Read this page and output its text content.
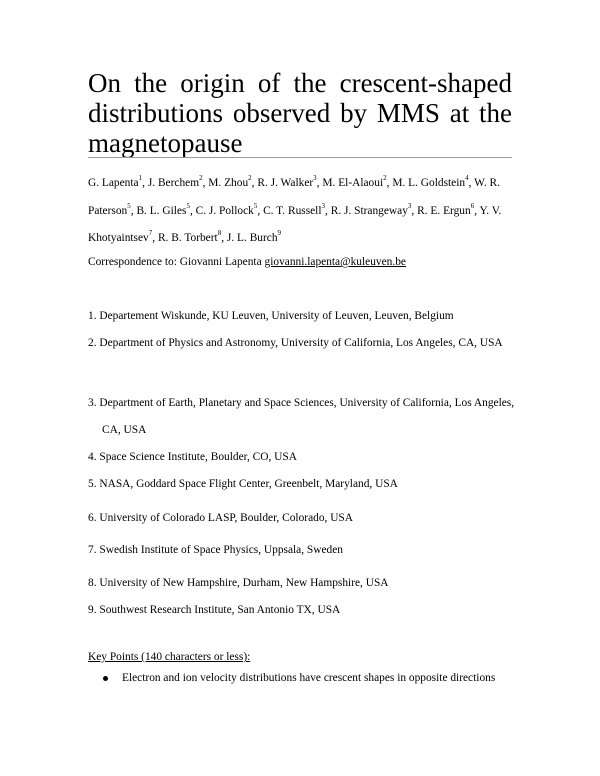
On the origin of the crescent-shaped distributions observed by MMS at the magnetopause

G. Lapenta$^1$, J. Berchem$^2$, M. Zhou$^2$, R. J. Walker$^3$, M. El-Alaoui$^2$, M. L. Goldstein$^4$, W. R. Paterson$^5$, B. L. Giles$^5$, C. J. Pollock$^5$, C. T. Russell$^3$, R. J. Strangeway$^3$, R. E. Ergun$^6$, Y. V. Khotyaintsev$^7$, R. B. Torbert$^8$, J. L. Burch$^9$

Correspondence to: Giovanni Lapenta giovanni.lapenta@kuleuven.be

1. Departement Wiskunde, KU Leuven, University of Leuven, Leuven, Belgium

2. Department of Physics and Astronomy, University of California, Los Angeles, CA, USA

3. Department of Earth, Planetary and Space Sciences, University of California, Los Angeles, CA, USA

4. Space Science Institute, Boulder, CO, USA

5. NASA, Goddard Space Flight Center, Greenbelt, Maryland, USA

6. University of Colorado LASP, Boulder, Colorado, USA

7. Swedish Institute of Space Physics, Uppsala, Sweden

8. University of New Hampshire, Durham, New Hampshire, USA

9. Southwest Research Institute, San Antonio TX, USA

Key Points (140 characters or less):

Electron and ion velocity distributions have crescent shapes in opposite directions
